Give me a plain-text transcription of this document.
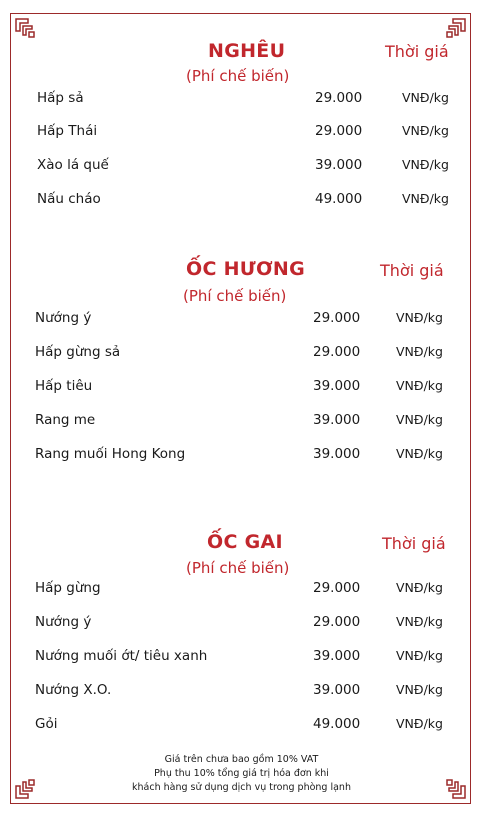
NGHÊU	Thời giá
(Phí chế biến)
Hấp sả	29.000	VNĐ/kg
Hấp Thái	29.000	VNĐ/kg
Xào lá quế	39.000	VNĐ/kg
Nấu cháo	49.000	VNĐ/kg
ỐC HƯƠNG	Thời giá
(Phí chế biến)
Nướng ý	29.000	VNĐ/kg
Hấp gừng sả	29.000	VNĐ/kg
Hấp tiêu	39.000	VNĐ/kg
Rang me	39.000	VNĐ/kg
Rang muối Hong Kong	39.000	VNĐ/kg
ỐC GAI	Thời giá
(Phí chế biến)
Hấp gừng	29.000	VNĐ/kg
Nướng ý	29.000	VNĐ/kg
Nướng muối ớt/ tiêu xanh	39.000	VNĐ/kg
Nướng X.O.	39.000	VNĐ/kg
Gỏi	49.000	VNĐ/kg
Giá trên chưa bao gồm 10% VAT
Phụ thu 10% tổng giá trị hóa đơn khi
khách hàng sử dụng dịch vụ trong phòng lạnh
